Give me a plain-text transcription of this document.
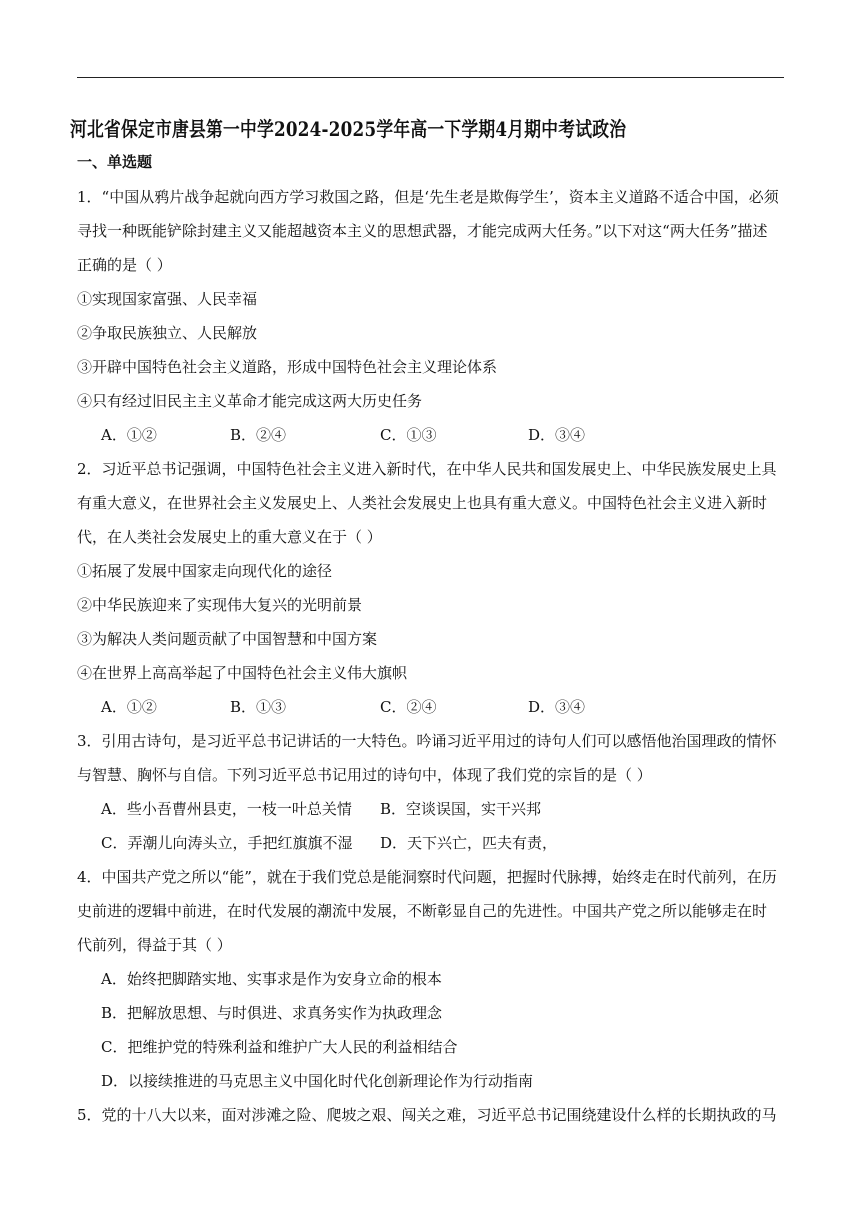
河北省保定市唐县第一中学2024-2025学年高一下学期4月期中考试政治
一、单选题
1．“中国从鸦片战争起就向西方学习救国之路，但是‘先生老是欺侮学生’，资本主义道路不适合中国，必须
寻找一种既能铲除封建主义又能超越资本主义的思想武器，才能完成两大任务。”以下对这“两大任务”描述
正确的是（ ）
①实现国家富强、人民幸福
②争取民族独立、人民解放
③开辟中国特色社会主义道路，形成中国特色社会主义理论体系
④只有经过旧民主主义革命才能完成这两大历史任务
A．①②	B．②④	C．①③	D．③④
2．习近平总书记强调，中国特色社会主义进入新时代，在中华人民共和国发展史上、中华民族发展史上具
有重大意义，在世界社会主义发展史上、人类社会发展史上也具有重大意义。中国特色社会主义进入新时
代，在人类社会发展史上的重大意义在于（ ）
①拓展了发展中国家走向现代化的途径
②中华民族迎来了实现伟大复兴的光明前景
③为解决人类问题贡献了中国智慧和中国方案
④在世界上高高举起了中国特色社会主义伟大旗帜
A．①②	B．①③	C．②④	D．③④
3．引用古诗句，是习近平总书记讲话的一大特色。吟诵习近平用过的诗句人们可以感悟他治国理政的情怀
与智慧、胸怀与自信。下列习近平总书记用过的诗句中，体现了我们党的宗旨的是（ ）
A．些小吾曹州县吏，一枝一叶总关情 B．空谈误国，实干兴邦
C．弄潮儿向涛头立，手把红旗旗不湿 D．天下兴亡，匹夫有责，
4．中国共产党之所以“能”，就在于我们党总是能洞察时代问题，把握时代脉搏，始终走在时代前列，在历
史前进的逻辑中前进，在时代发展的潮流中发展，不断彰显自己的先进性。中国共产党之所以能够走在时
代前列，得益于其（ ）
A．始终把脚踏实地、实事求是作为安身立命的根本
B．把解放思想、与时俱进、求真务实作为执政理念
C．把维护党的特殊利益和维护广大人民的利益相结合
D．以接续推进的马克思主义中国化时代化创新理论作为行动指南
5．党的十八大以来，面对涉滩之险、爬坡之艰、闯关之难，习近平总书记围绕建设什么样的长期执政的马
